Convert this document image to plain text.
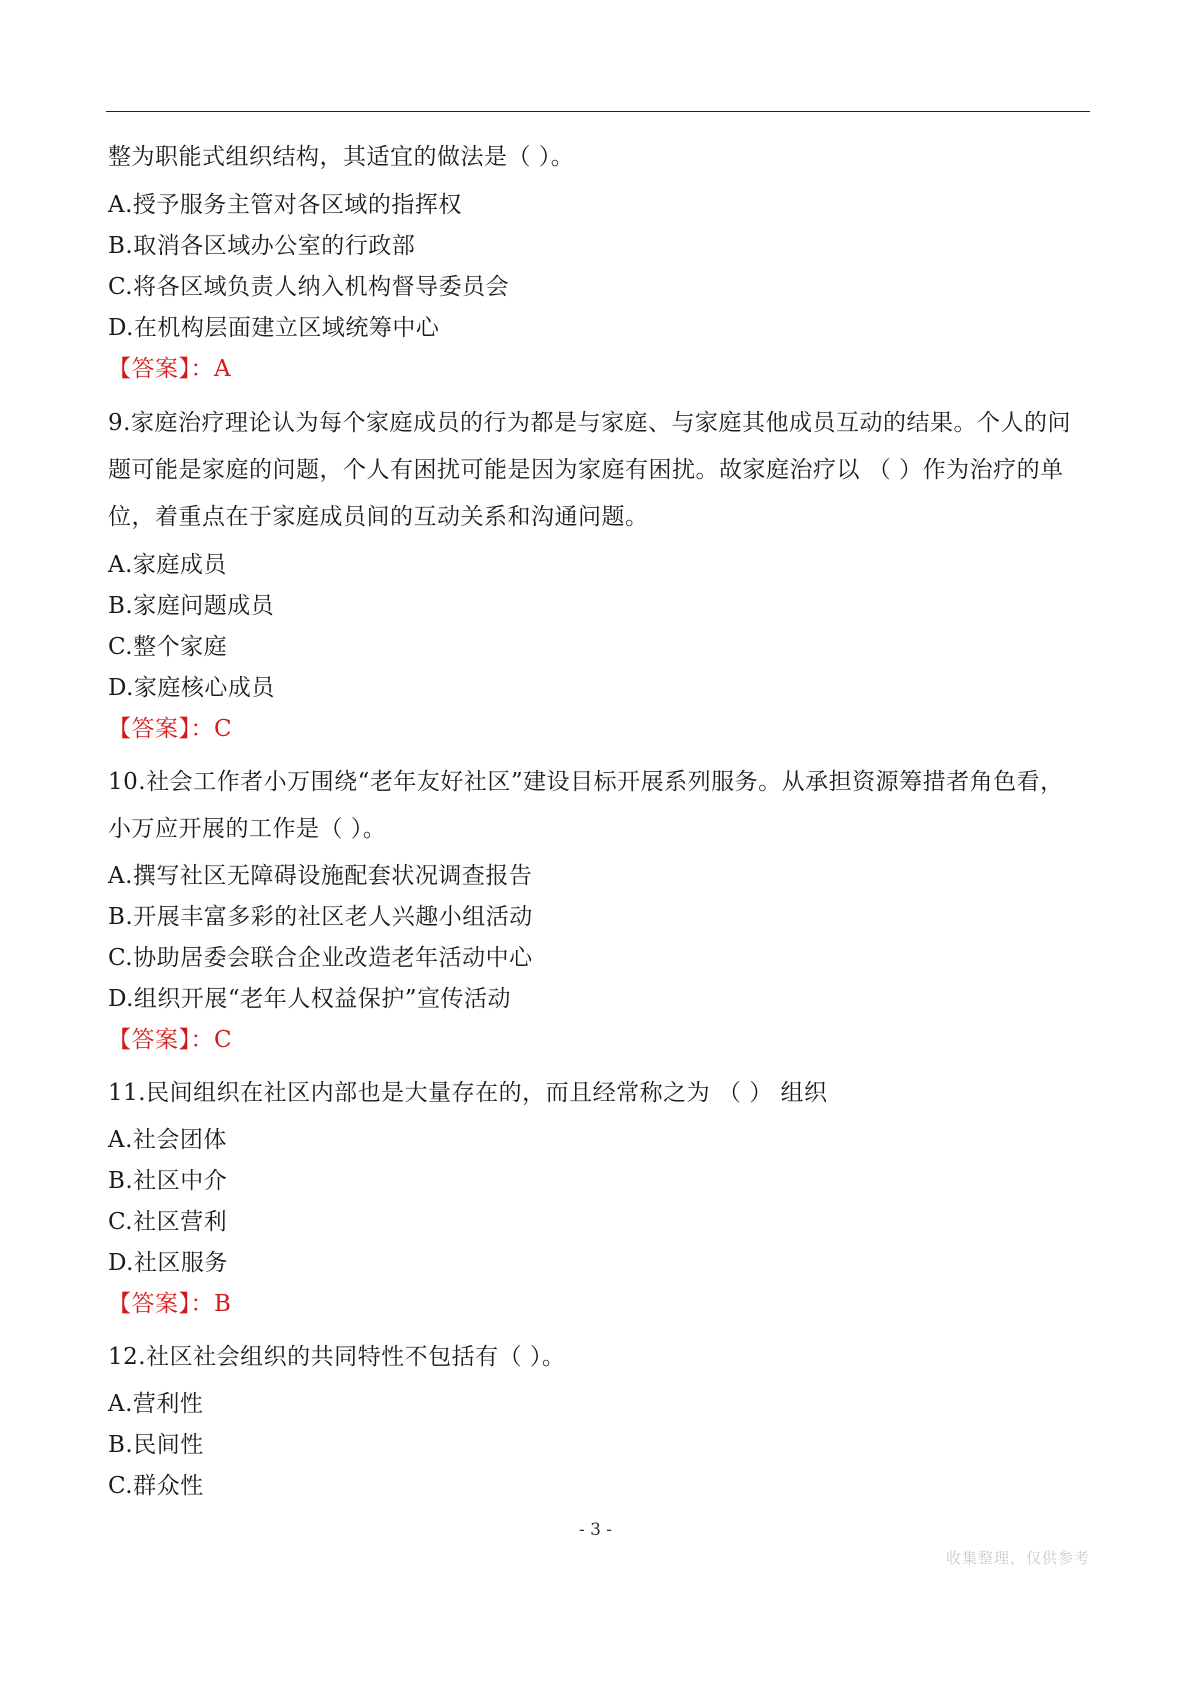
整为职能式组织结构，其适宜的做法是（ ）。
A.授予服务主管对各区域的指挥权
B.取消各区域办公室的行政部
C.将各区域负责人纳入机构督导委员会
D.在机构层面建立区域统筹中心
【答案】：A
9.家庭治疗理论认为每个家庭成员的行为都是与家庭、与家庭其他成员互动的结果。个人的问
题可能是家庭的问题，个人有困扰可能是因为家庭有困扰。故家庭治疗以 （ ）作为治疗的单
位，着重点在于家庭成员间的互动关系和沟通问题。
A.家庭成员
B.家庭问题成员
C.整个家庭
D.家庭核心成员
【答案】：C
10.社会工作者小万围绕“老年友好社区”建设目标开展系列服务。从承担资源筹措者角色看，
小万应开展的工作是（ ）。
A.撰写社区无障碍设施配套状况调查报告
B.开展丰富多彩的社区老人兴趣小组活动
C.协助居委会联合企业改造老年活动中心
D.组织开展“老年人权益保护”宣传活动
【答案】：C
11.民间组织在社区内部也是大量存在的，而且经常称之为 （ ） 组织
A.社会团体
B.社区中介
C.社区营利
D.社区服务
【答案】：B
12.社区社会组织的共同特性不包括有（ ）。
A.营利性
B.民间性
C.群众性
- 3 -
收集整理，仅供参考
